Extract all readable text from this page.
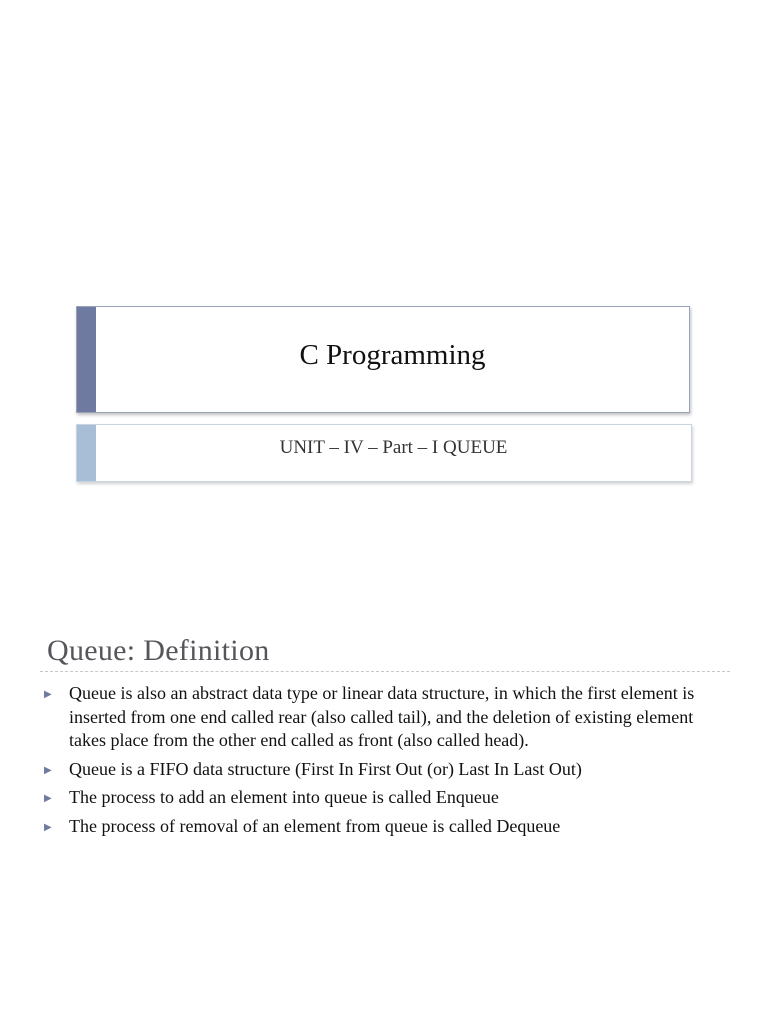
C Programming
UNIT – IV – Part – I QUEUE
Queue: Definition
▶ Queue is also an abstract data type or linear data structure, in which the first element is inserted from one end called rear (also called tail), and the deletion of existing element takes place from the other end called as front (also called head).
▶ Queue is a FIFO data structure (First In First Out (or) Last In Last Out)
▶ The process to add an element into queue is called Enqueue
▶ The process of removal of an element from queue is called Dequeue
